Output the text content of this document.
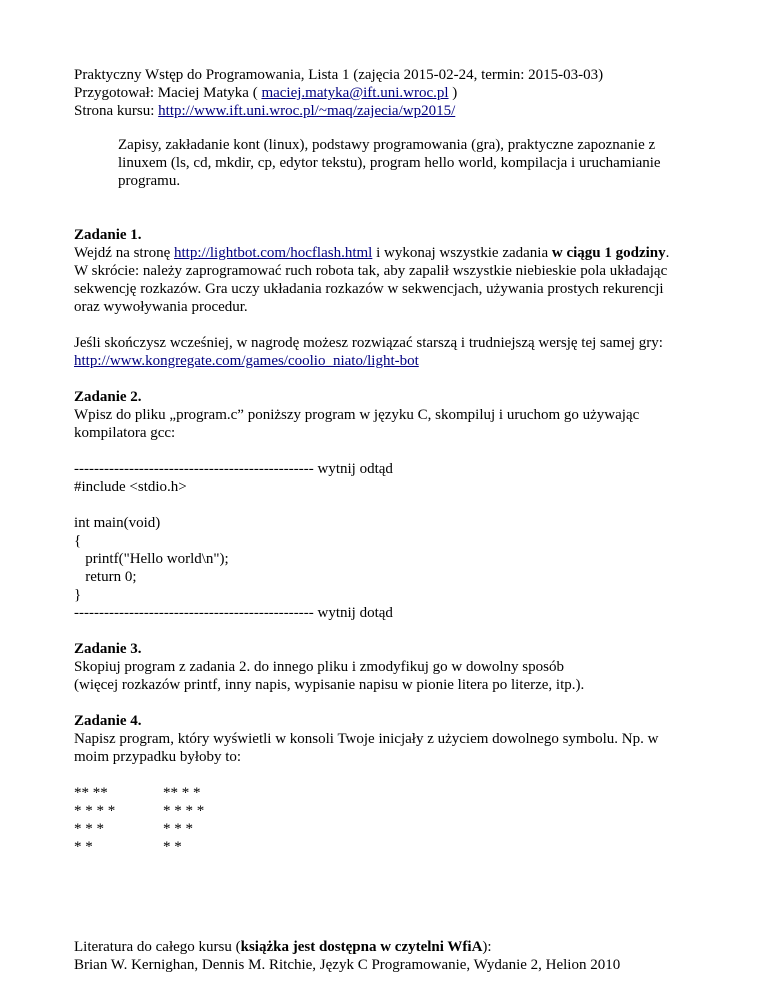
Praktyczny Wstęp do Programowania, Lista 1 (zajęcia 2015-02-24, termin: 2015-03-03)
Przygotował: Maciej Matyka ( maciej.matyka@ift.uni.wroc.pl )
Strona kursu: http://www.ift.uni.wroc.pl/~maq/zajecia/wp2015/
Zapisy, zakładanie kont (linux), podstawy programowania (gra), praktyczne zapoznanie z
linuxem (ls, cd, mkdir, cp, edytor tekstu), program hello world, kompilacja i uruchamianie
programu.
Zadanie 1.
Wejdź na stronę http://lightbot.com/hocflash.html i wykonaj wszystkie zadania w ciągu 1 godziny.
W skrócie: należy zaprogramować ruch robota tak, aby zapalił wszystkie niebieskie pola układając
sekwencję rozkazów. Gra uczy układania rozkazów w sekwencjach, używania prostych rekurencji
oraz wywoływania procedur.
Jeśli skończysz wcześniej, w nagrodę możesz rozwiązać starszą i trudniejszą wersję tej samej gry:
http://www.kongregate.com/games/coolio_niato/light-bot
Zadanie 2.
Wpisz do pliku „program.c” poniższy program w języku C, skompiluj i uruchom go używając
kompilatora gcc:
------------------------------------------------ wytnij odtąd
#include <stdio.h>
int main(void)
{
printf("Hello world\n");
return 0;
}
------------------------------------------------ wytnij dotąd
Zadanie 3.
Skopiuj program z zadania 2. do innego pliku i zmodyfikuj go w dowolny sposób
(więcej rozkazów printf, inny napis, wypisanie napisu w pionie litera po literze, itp.).
Zadanie 4.
Napisz program, który wyświetli w konsoli Twoje inicjały z użyciem dowolnego symbolu. Np. w
moim przypadku byłoby to:
** **
* * * *
* * *
* *
** * *
* * * *
* * *
* *
Literatura do całego kursu (książka jest dostępna w czytelni WfiA):
Brian W. Kernighan, Dennis M. Ritchie, Język C Programowanie, Wydanie 2, Helion 2010
